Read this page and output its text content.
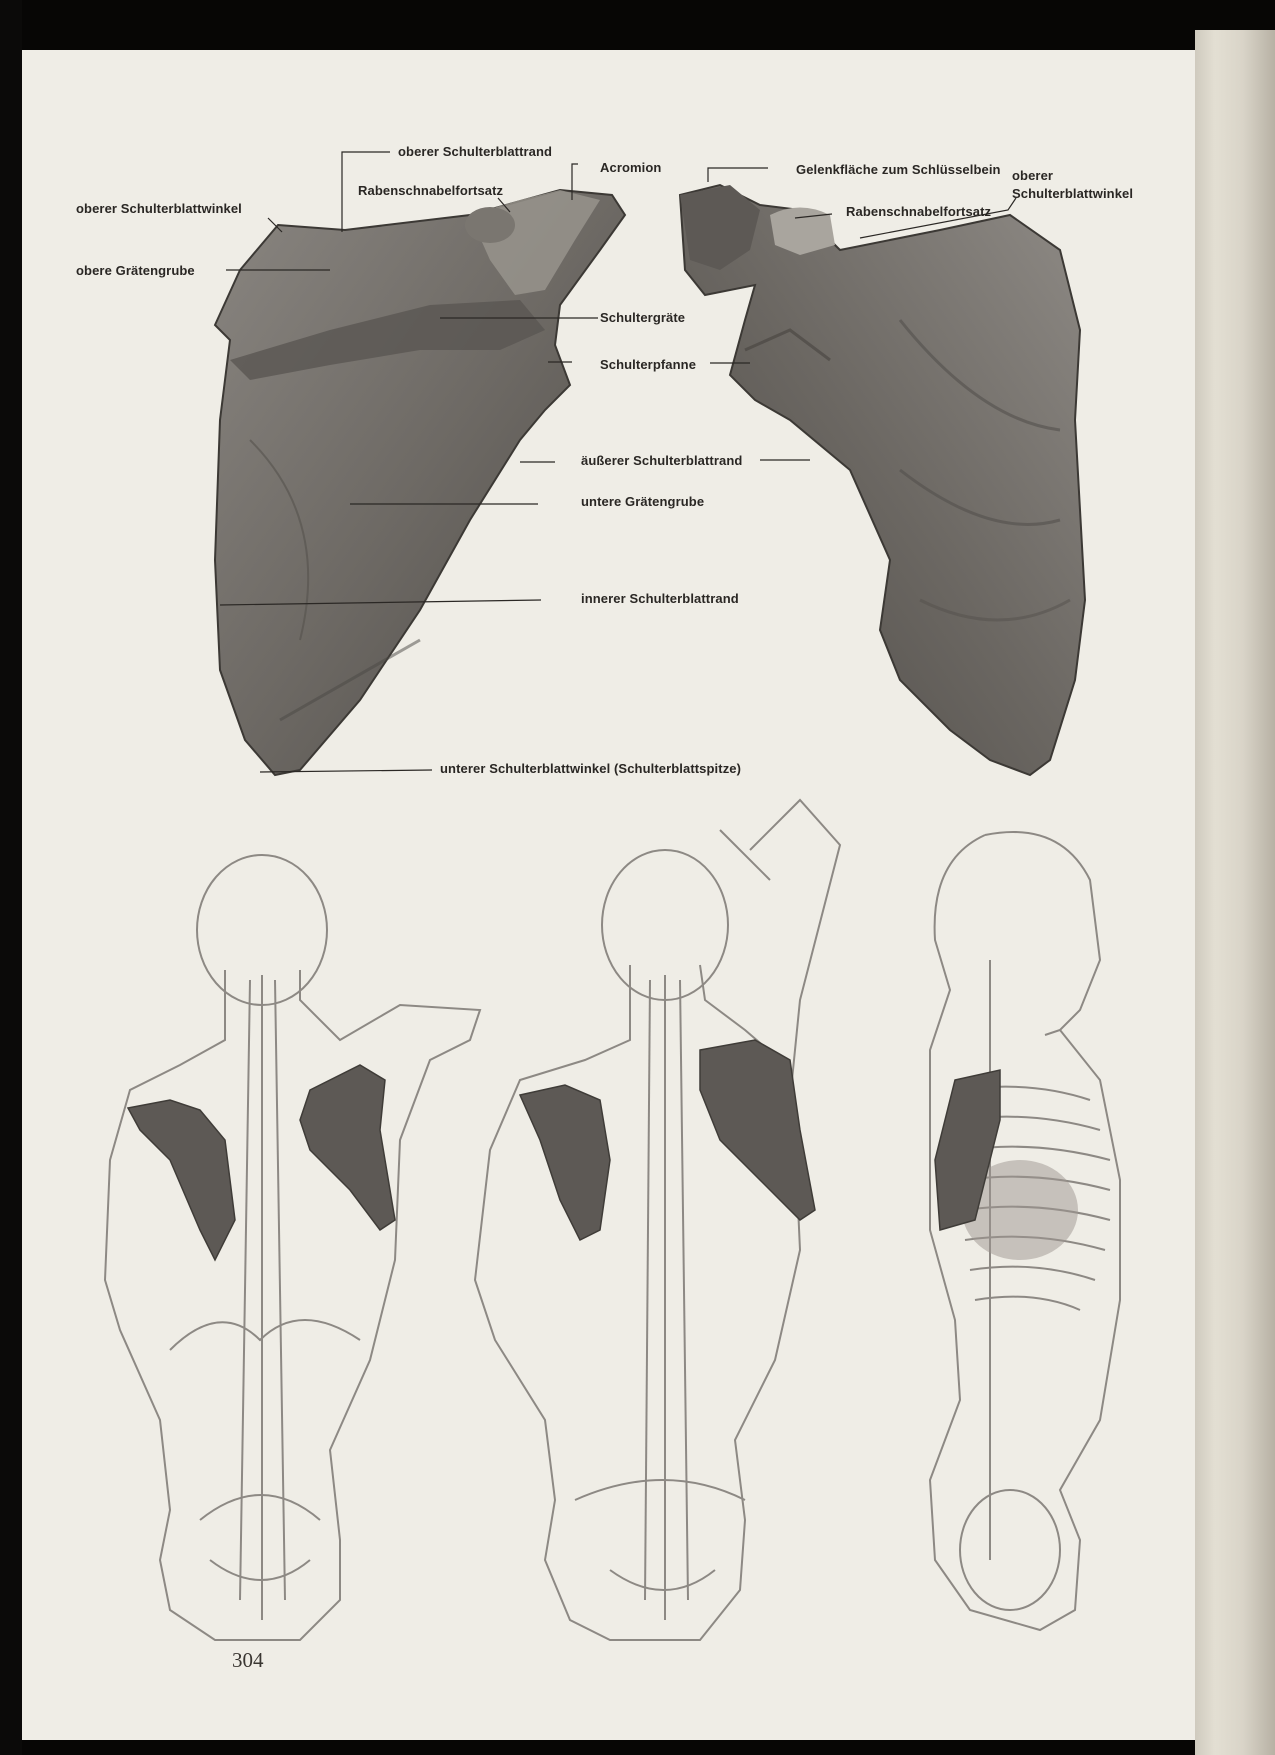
oberer Schulterblattrand
Acromion
Rabenschnabelfortsatz
oberer Schulterblattwinkel
obere Grätengrube
Gelenkfläche zum Schlüsselbein oberer
Schulterblattwinkel
Rabenschnabelfortsatz
Schultergräte
Schulterpfanne
äußerer Schulterblattrand
untere Grätengrube
innerer Schulterblattrand
unterer Schulterblattwinkel (Schulterblattspitze)
304
